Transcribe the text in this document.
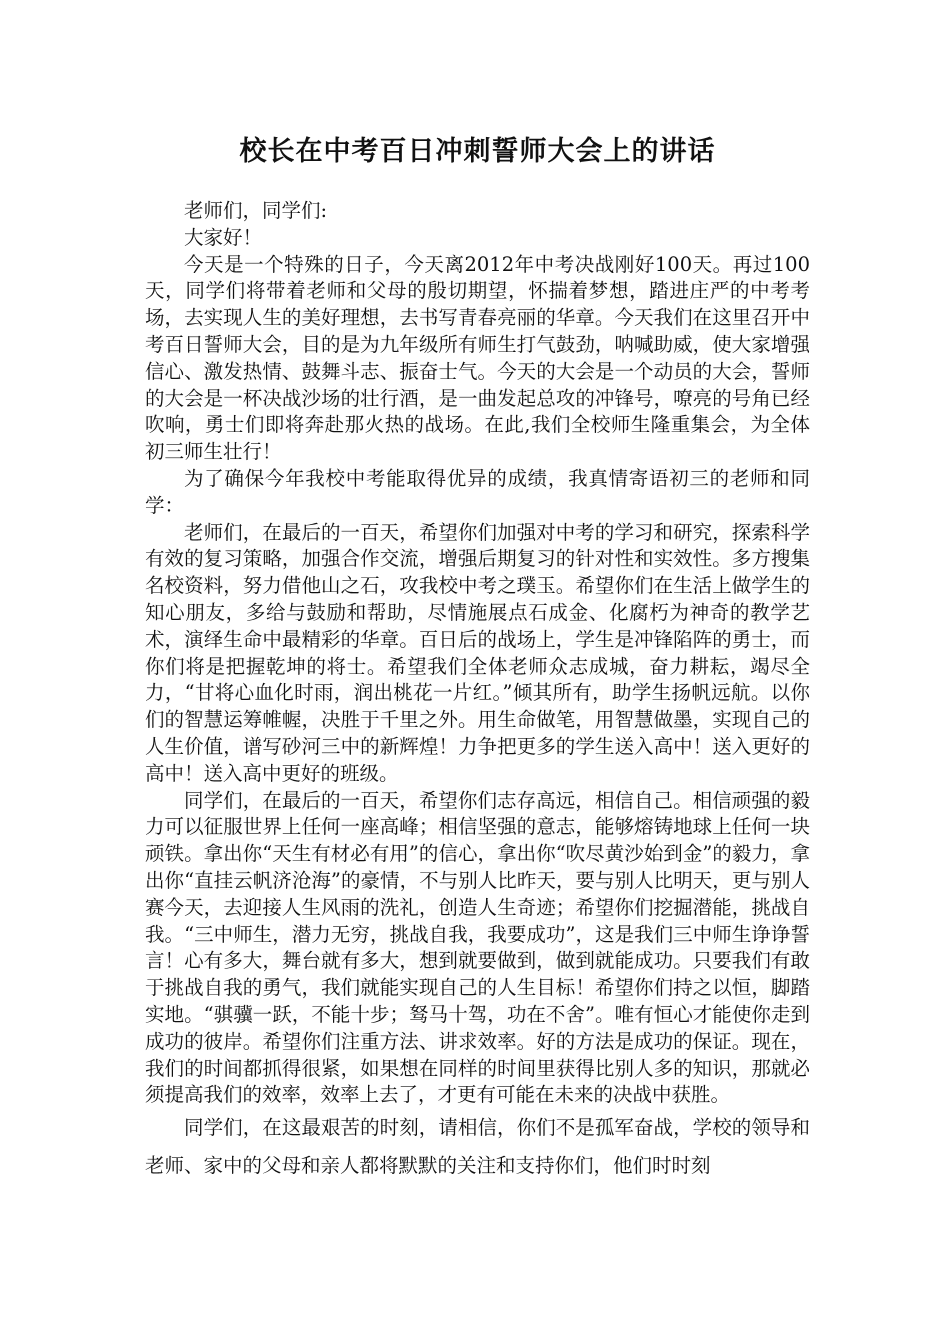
校长在中考百日冲刺誓师大会上的讲话

老师们，同学们:

大家好！

今天是一个特殊的日子，今天离2012年中考决战刚好100天。再过100天，同学们将带着老师和父母的殷切期望，怀揣着梦想，踏进庄严的中考考场，去实现人生的美好理想，去书写青春亮丽的华章。今天我们在这里召开中考百日誓师大会，目的是为九年级所有师生打气鼓劲，呐喊助威，使大家增强信心、激发热情、鼓舞斗志、振奋士气。今天的大会是一个动员的大会，誓师的大会是一杯决战沙场的壮行酒，是一曲发起总攻的冲锋号，嘹亮的号角已经吹响，勇士们即将奔赴那火热的战场。在此,我们全校师生隆重集会，为全体初三师生壮行！

为了确保今年我校中考能取得优异的成绩，我真情寄语初三的老师和同学：

老师们，在最后的一百天，希望你们加强对中考的学习和研究，探索科学有效的复习策略，加强合作交流，增强后期复习的针对性和实效性。多方搜集名校资料，努力借他山之石，攻我校中考之璞玉。希望你们在生活上做学生的知心朋友，多给与鼓励和帮助，尽情施展点石成金、化腐朽为神奇的教学艺术，演绎生命中最精彩的华章。百日后的战场上，学生是冲锋陷阵的勇士，而你们将是把握乾坤的将士。希望我们全体老师众志成城，奋力耕耘，竭尽全力，“甘将心血化时雨，润出桃花一片红。”倾其所有，助学生扬帆远航。以你们的智慧运筹帷幄，决胜于千里之外。用生命做笔，用智慧做墨，实现自己的人生价值，谱写砂河三中的新辉煌！力争把更多的学生送入高中！送入更好的高中！送入高中更好的班级。

同学们，在最后的一百天，希望你们志存高远，相信自己。相信顽强的毅力可以征服世界上任何一座高峰；相信坚强的意志，能够熔铸地球上任何一块顽铁。拿出你“天生有材必有用”的信心，拿出你“吹尽黄沙始到金”的毅力，拿出你“直挂云帆济沧海”的豪情，不与别人比昨天，要与别人比明天，更与别人赛今天，去迎接人生风雨的洗礼，创造人生奇迹；希望你们挖掘潜能，挑战自我。“三中师生，潜力无穷，挑战自我，我要成功”，这是我们三中师生诤诤誓言！心有多大，舞台就有多大，想到就要做到，做到就能成功。只要我们有敢于挑战自我的勇气，我们就能实现自己的人生目标！希望你们持之以恒，脚踏实地。“骐骥一跃，不能十步；驽马十驾，功在不舍”。唯有恒心才能使你走到成功的彼岸。希望你们注重方法、讲求效率。好的方法是成功的保证。现在，我们的时间都抓得很紧，如果想在同样的时间里获得比别人多的知识，那就必须提高我们的效率，效率上去了，才更有可能在未来的决战中获胜。

同学们，在这最艰苦的时刻，请相信，你们不是孤军奋战，学校的领导和老师、家中的父母和亲人都将默默的关注和支持你们，他们时时刻
